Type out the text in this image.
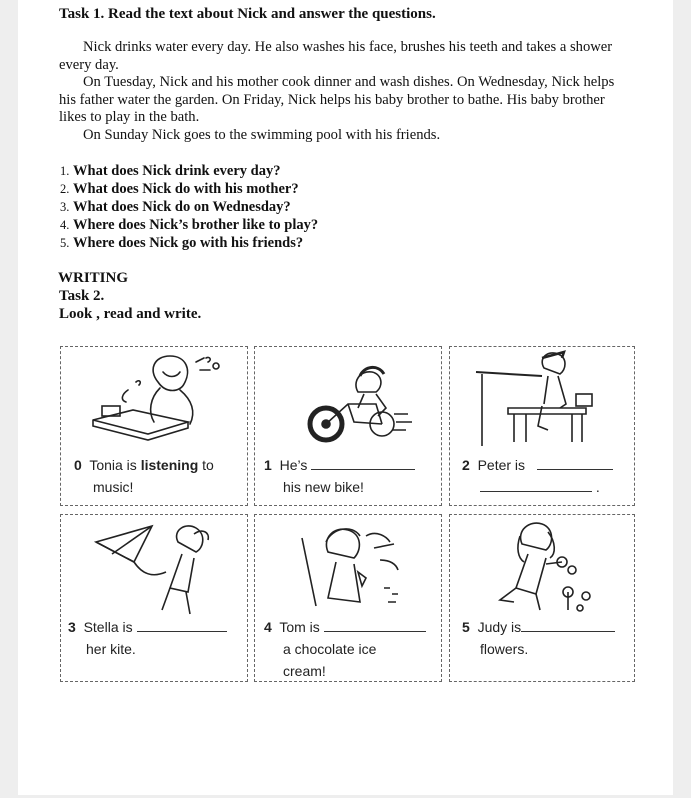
Task 1. Read the text about Nick and answer the questions.

Nick drinks water every day. He also washes his face, brushes his teeth and takes a shower every day.

On Tuesday, Nick and his mother cook dinner and wash dishes. On Wednesday, Nick helps his father water the garden. On Friday, Nick helps his baby brother to bathe. His baby brother likes to play in the bath.

On Sunday Nick goes to the swimming pool with his friends.

1. What does Nick drink every day?
2. What does Nick do with his mother?
3. What does Nick do on Wednesday?
4. Where does Nick’s brother like to play?
5. Where does Nick go with his friends?
WRITING
Task 2.
Look , read and write.
0 Tonia is listening to
music!
1 He’s
his new bike!
2 Peter is
.
3 Stella is
her kite.
4 Tom is
a chocolate ice
cream!
5 Judy is
flowers.
